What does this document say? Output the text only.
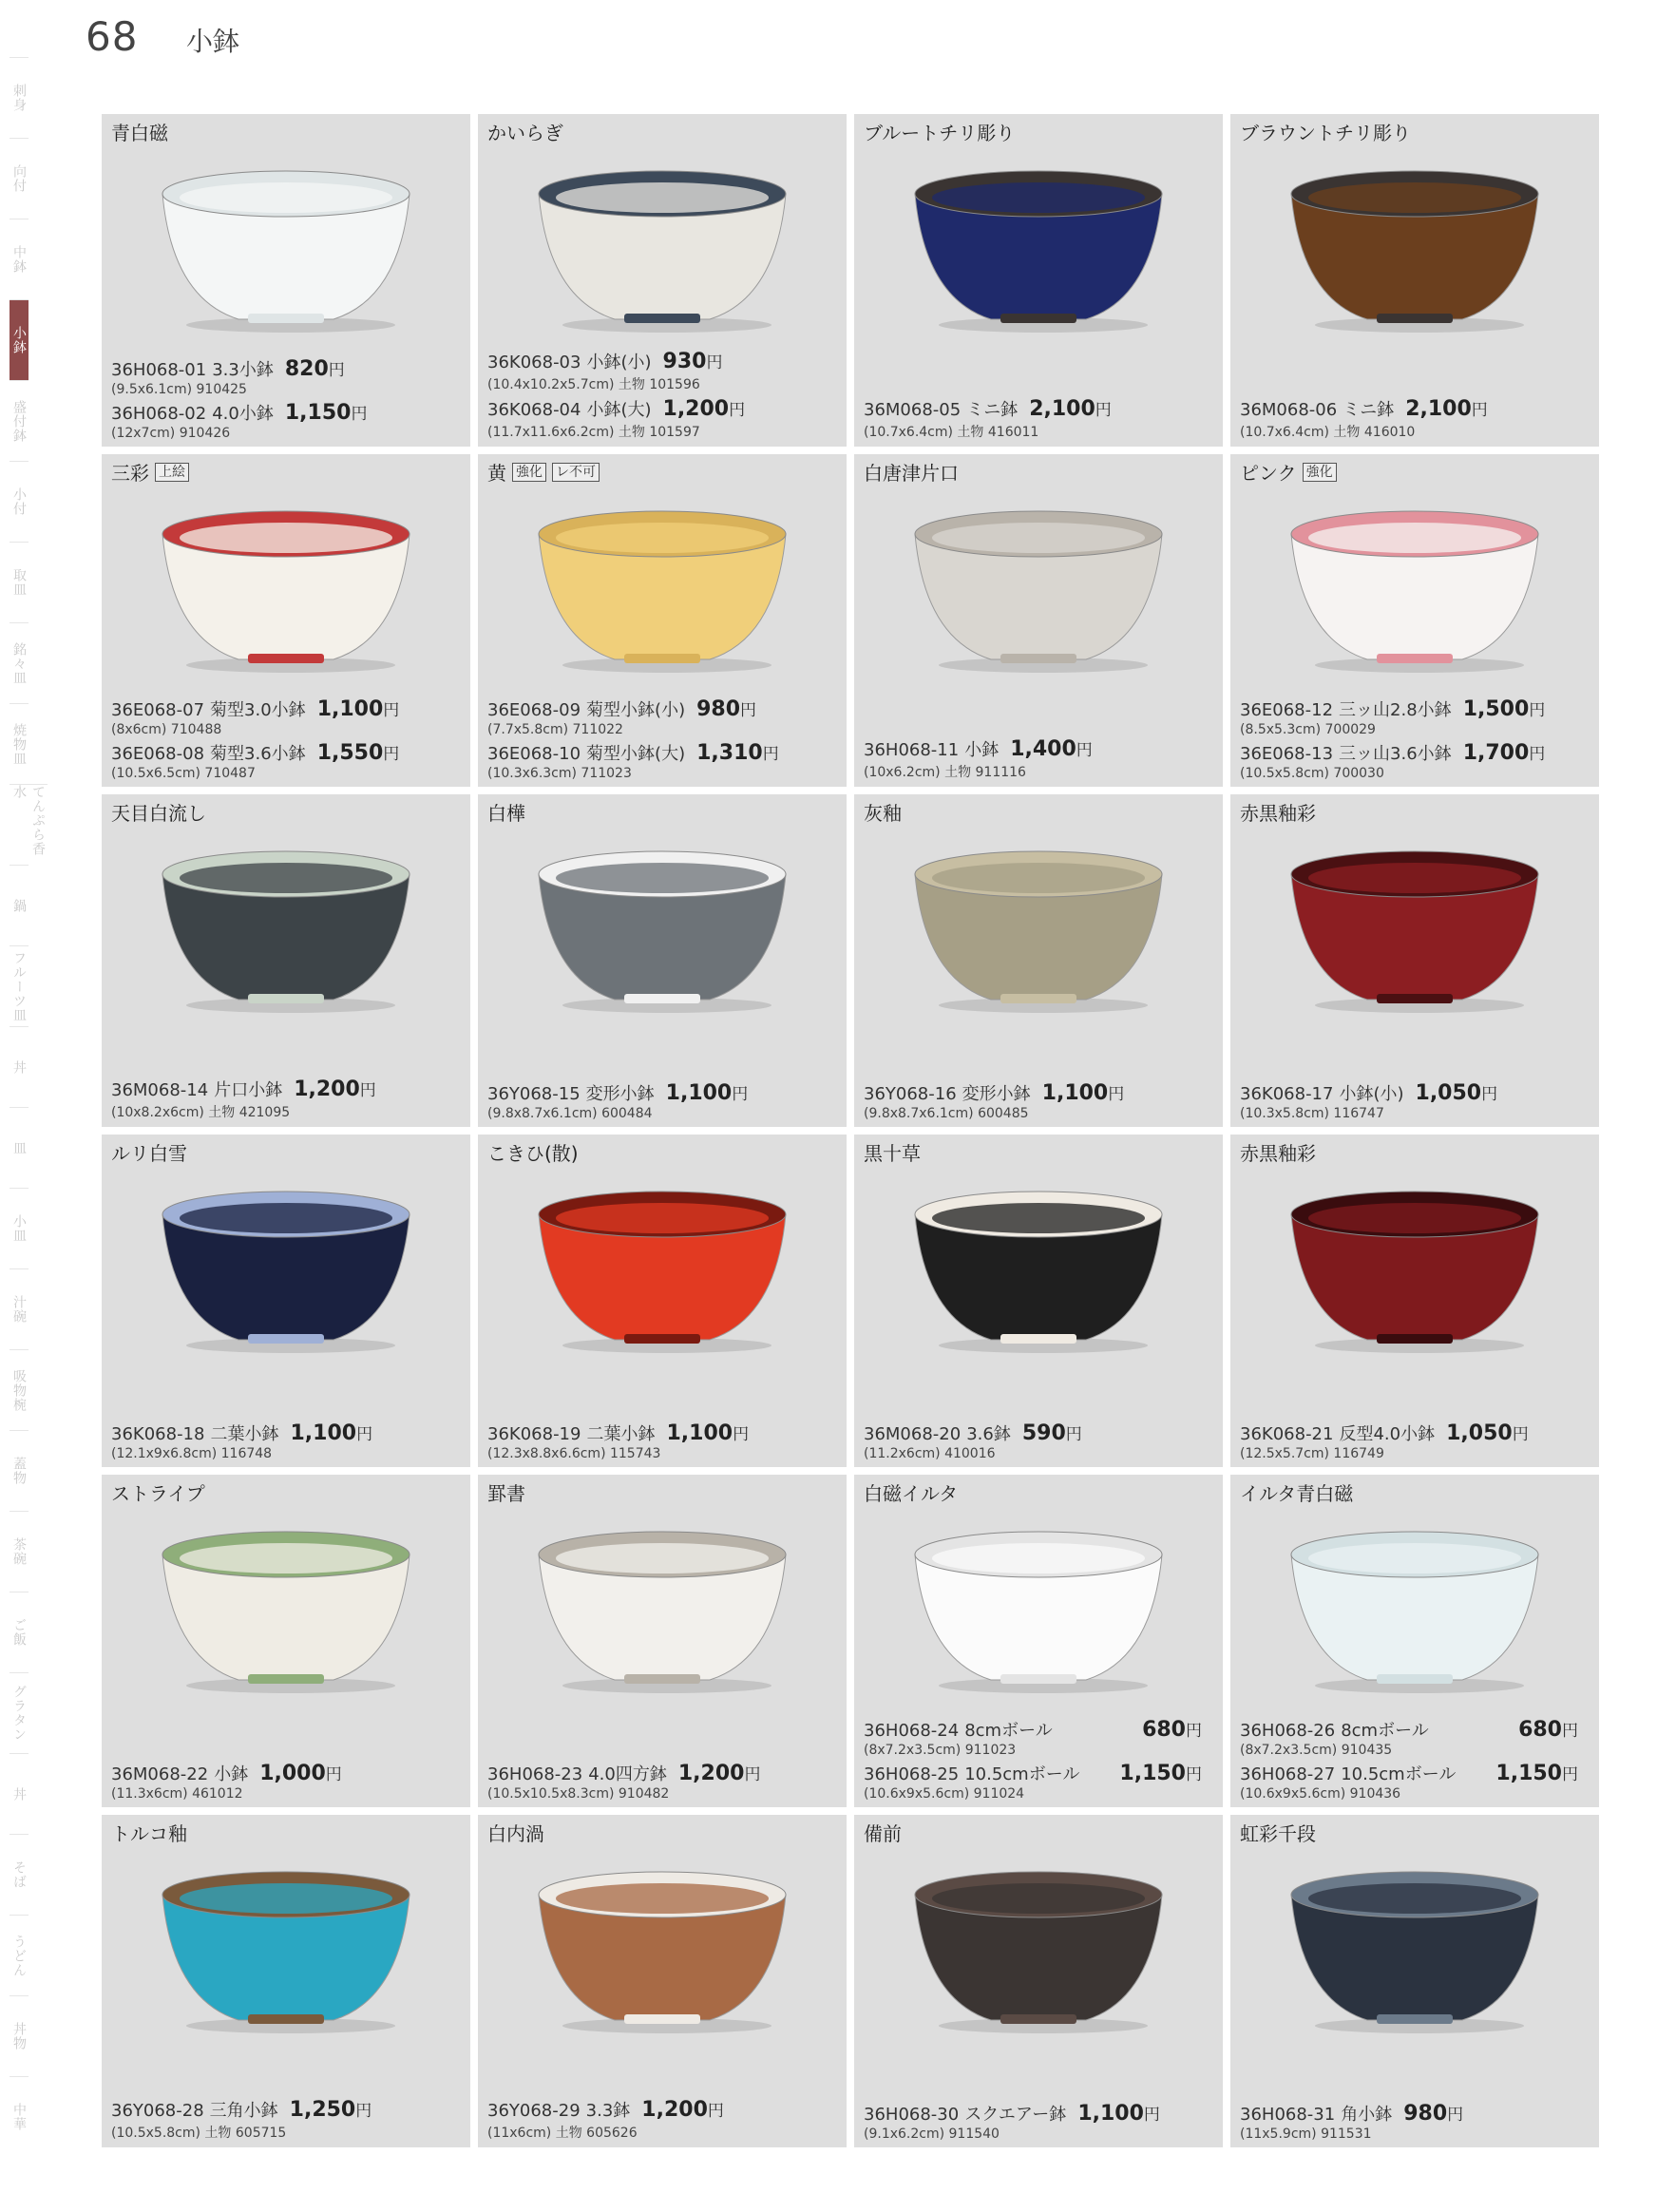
68 小鉢
刺身
向付
中鉢
小鉢
盛付鉢
小付
取皿
銘々皿
焼物皿
てんぷら香水
鍋
フルーツ皿
丼
皿
小皿
汁碗
吸物椀
蓋物
茶碗
ご飯
グラタン
丼
そば
うどん
丼物
中華
青白磁
36H068-01 3.3小鉢 820円
(9.5x6.1cm) 910425
36H068-02 4.0小鉢 1,150円
(12x7cm) 910426
かいらぎ
36K068-03 小鉢(小) 930円
(10.4x10.2x5.7cm) 土物 101596
36K068-04 小鉢(大) 1,200円
(11.7x11.6x6.2cm) 土物 101597
ブルートチリ彫り
36M068-05 ミニ鉢 2,100円
(10.7x6.4cm) 土物 416011
ブラウントチリ彫り
36M068-06 ミニ鉢 2,100円
(10.7x6.4cm) 土物 416010
三彩 上絵
36E068-07 菊型3.0小鉢 1,100円
(8x6cm) 710488
36E068-08 菊型3.6小鉢 1,550円
(10.5x6.5cm) 710487
黄 強化 レ不可
36E068-09 菊型小鉢(小) 980円
(7.7x5.8cm) 711022
36E068-10 菊型小鉢(大) 1,310円
(10.3x6.3cm) 711023
白唐津片口
36H068-11 小鉢 1,400円
(10x6.2cm) 土物 911116
ピンク 強化
36E068-12 三ッ山2.8小鉢 1,500円
(8.5x5.3cm) 700029
36E068-13 三ッ山3.6小鉢 1,700円
(10.5x5.8cm) 700030
天目白流し
36M068-14 片口小鉢 1,200円
(10x8.2x6cm) 土物 421095
白樺
36Y068-15 変形小鉢 1,100円
(9.8x8.7x6.1cm) 600484
灰釉
36Y068-16 変形小鉢 1,100円
(9.8x8.7x6.1cm) 600485
赤黒釉彩
36K068-17 小鉢(小) 1,050円
(10.3x5.8cm) 116747
ルリ白雪
36K068-18 二葉小鉢 1,100円
(12.1x9x6.8cm) 116748
こきひ(散)
36K068-19 二葉小鉢 1,100円
(12.3x8.8x6.6cm) 115743
黒十草
36M068-20 3.6鉢 590円
(11.2x6cm) 410016
赤黒釉彩
36K068-21 反型4.0小鉢 1,050円
(12.5x5.7cm) 116749
ストライプ
36M068-22 小鉢 1,000円
(11.3x6cm) 461012
罫書
36H068-23 4.0四方鉢 1,200円
(10.5x10.5x8.3cm) 910482
白磁イルタ
36H068-24 8cmボール	680円
(8x7.2x3.5cm) 911023
36H068-25 10.5cmボール 1,150円
(10.6x9x5.6cm) 911024
イルタ青白磁
36H068-26 8cmボール	680円
(8x7.2x3.5cm) 910435
36H068-27 10.5cmボール 1,150円
(10.6x9x5.6cm) 910436
トルコ釉
36Y068-28 三角小鉢 1,250円
(10.5x5.8cm) 土物 605715
白内渦
36Y068-29 3.3鉢 1,200円
(11x6cm) 土物 605626
備前
36H068-30 スクエアー鉢 1,100円
(9.1x6.2cm) 911540
虹彩千段
36H068-31 角小鉢 980円
(11x5.9cm) 911531
